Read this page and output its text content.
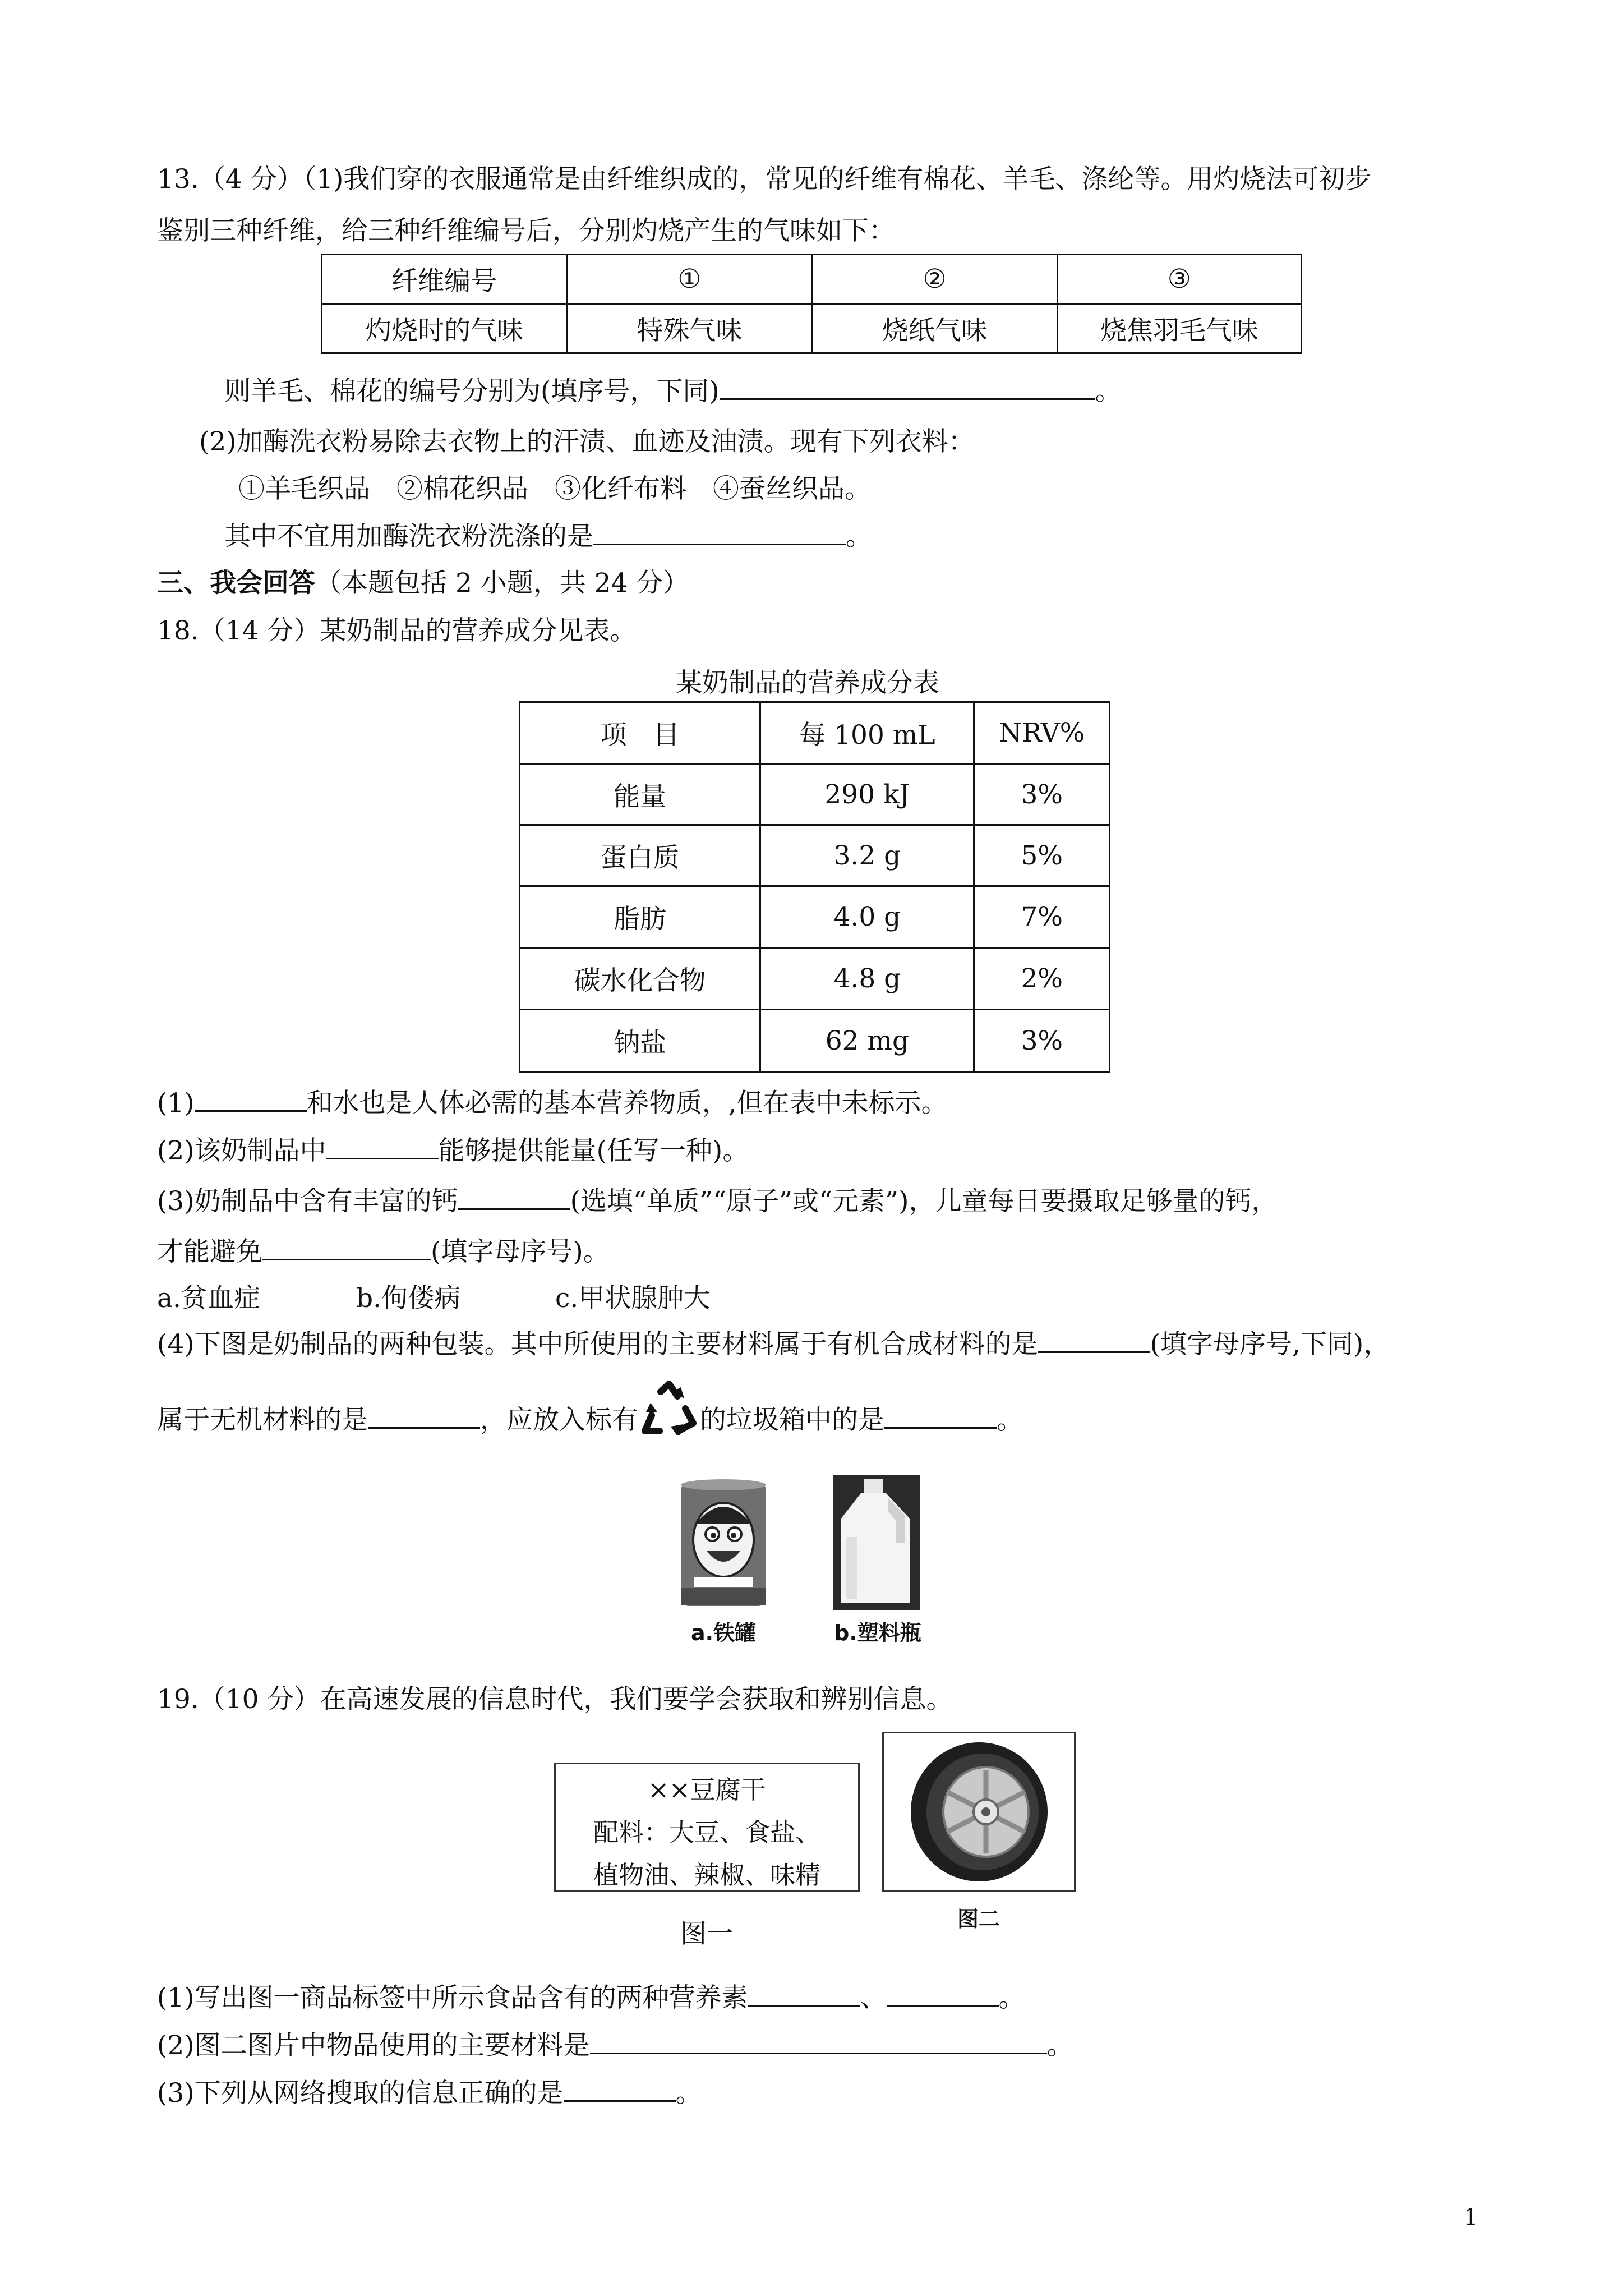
13.（4 分）（1)我们穿的衣服通常是由纤维织成的，常见的纤维有棉花、羊毛、涤纶等。用灼烧法可初步
鉴别三种纤维，给三种纤维编号后，分别灼烧产生的气味如下：
纤维编号	①	②	③
灼烧时的气味	特殊气味	烧纸气味	烧焦羽毛气味
则羊毛、棉花的编号分别为(填序号，下同)	。
(2)加酶洗衣粉易除去衣物上的汗渍、血迹及油渍。现有下列衣料：
①羊毛织品　②棉花织品　③化纤布料　④蚕丝织品。
其中不宜用加酶洗衣粉洗涤的是	。
三、我会回答（本题包括 2 小题，共 24 分）
18.（14 分）某奶制品的营养成分见表。
某奶制品的营养成分表
项　目	每 100 mL	NRV%
能量	290 kJ	3%
蛋白质	3.2 g	5%
脂肪	4.0 g	7%
碳水化合物	4.8 g	2%
钠盐	62 mg	3%
(1)	和水也是人体必需的基本营养物质，,但在表中未标示。
(2)该奶制品中	能够提供能量(任写一种)。
(3)奶制品中含有丰富的钙	(选填“单质”“原子”或“元素”)，儿童每日要摄取足够量的钙，
才能避免	(填字母序号)。
a.贫血症	b.佝偻病	c.甲状腺肿大
(4)下图是奶制品的两种包装。其中所使用的主要材料属于有机合成材料的是	(填字母序号,下同)，
属于无机材料的是	，应放入标有 的垃圾箱中的是	。
a.铁罐	b.塑料瓶
19.（10 分）在高速发展的信息时代，我们要学会获取和辨别信息。
××豆腐干
配料：大豆、食盐、
植物油、辣椒、味精
图一	图二
(1)写出图一商品标签中所示食品含有的两种营养素	、	。
(2)图二图片中物品使用的主要材料是	。
(3)下列从网络搜取的信息正确的是	。
1
